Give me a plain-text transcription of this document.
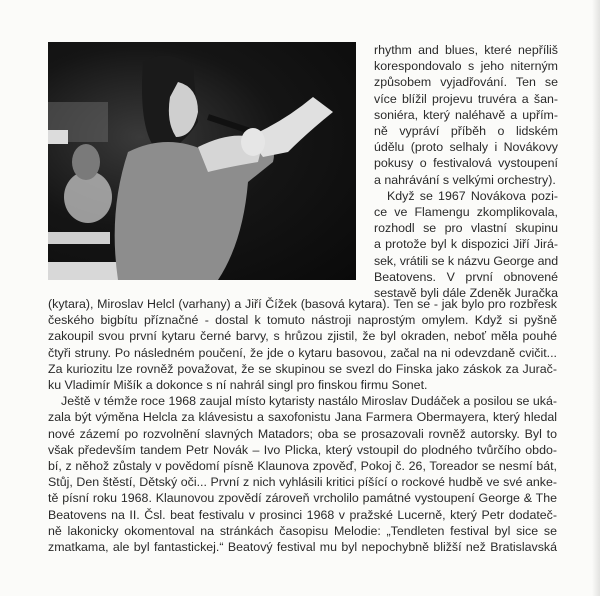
rhythm and blues, které nepříliš
korespondovalo s jeho niterným
způsobem vyjadřování. Ten se
více blížil projevu truvéra a šan-
soniéra, který naléhavě a upřím-
ně vypráví příběh o lidském
údělu (proto selhaly i Novákovy
pokusy o festivalová vystoupení
a nahrávání s velkými orchestry).
Když se 1967 Novákova pozi-
ce ve Flamengu zkomplikovala,
rozhodl se pro vlastní skupinu
a protože byl k dispozici Jiří Jirá-
sek, vrátili se k názvu George and
Beatovens. V první obnovené
sestavě byli dále Zdeněk Juračka
(kytara), Miroslav Helcl (varhany) a Jiří Čížek (basová kytara). Ten se - jak bylo pro rozbřesk
českého bigbítu příznačné - dostal k tomuto nástroji naprostým omylem. Když si pyšně
zakoupil svou první kytaru černé barvy, s hrůzou zjistil, že byl okraden, neboť měla pouhé
čtyři struny. Po následném poučení, že jde o kytaru basovou, začal na ni odevzdaně cvičit...
Za kuriozitu lze rovněž považovat, že se skupinou se svezl do Finska jako záskok za Jurač-
ku Vladimír Mišík a dokonce s ní nahrál singl pro finskou firmu Sonet.
Ještě v témže roce 1968 zaujal místo kytaristy nastálo Miroslav Dudáček a posilou se uká-
zala být výměna Helcla za klávesistu a saxofonistu Jana Farmera Obermayera, který hledal
nové zázemí po rozvolnění slavných Matadors; oba se prosazovali rovněž autorsky. Byl to
však především tandem Petr Novák – Ivo Plicka, který vstoupil do plodného tvůrčího obdo-
bí, z něhož zůstaly v povědomí písně Klaunova zpověď, Pokoj č. 26, Toreador se nesmí bát,
Stůj, Den štěstí, Dětský oči... První z nich vyhlásili kritici píšící o rockové hudbě ve své anke-
tě písní roku 1968. Klaunovou zpovědí zároveň vrcholilo památné vystoupení George & The
Beatovens na II. Čsl. beat festivalu v prosinci 1968 v pražské Lucerně, který Petr dodateč-
ně lakonicky okomentoval na stránkách časopisu Melodie: „Tendleten festival byl sice se
zmatkama, ale byl fantastickej.“ Beatový festival mu byl nepochybně bližší než Bratislavská
